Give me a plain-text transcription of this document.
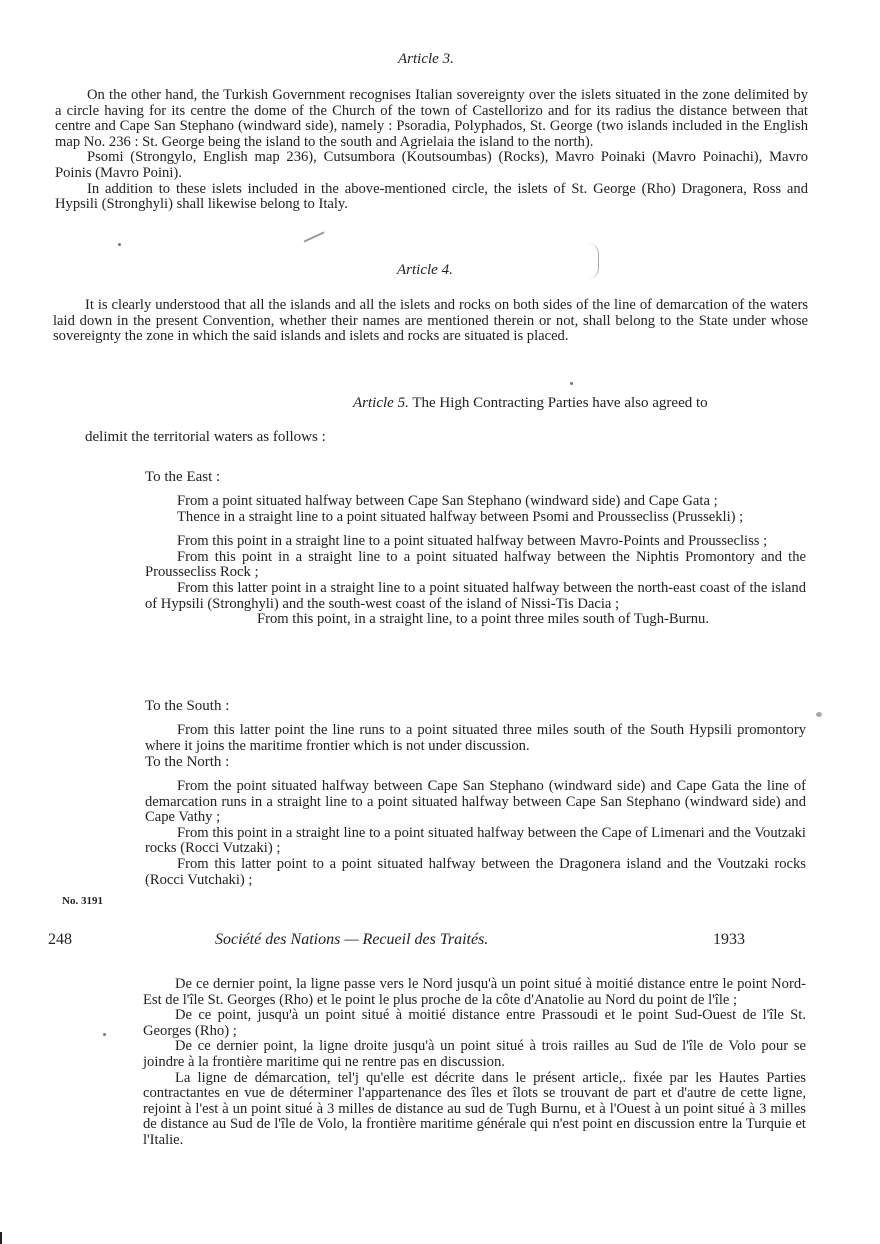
Article 3.

On the other hand, the Turkish Government recognises Italian sovereignty over the islets situated in the zone delimited by a circle having for its centre the dome of the Church of the town of Castellorizo and for its radius the distance between that centre and Cape San Stephano (windward side), namely : Psoradia, Polyphados, St. George (two islands included in the English map No. 236 : St. George being the island to the south and Agrielaia the island to the north).

Psomi (Strongylo, English map 236), Cutsumbora (Koutsoumbas) (Rocks), Mavro Poinaki (Mavro Poinachi), Mavro Poinis (Mavro Poini).

In addition to these islets included in the above-mentioned circle, the islets of St. George (Rho) Dragonera, Ross and Hypsili (Stronghyli) shall likewise belong to Italy.

Article 4.

It is clearly understood that all the islands and all the islets and rocks on both sides of the line of demarcation of the waters laid down in the present Convention, whether their names are mentioned therein or not, shall belong to the State under whose sovereignty the zone in which the said islands and islets and rocks are situated is placed.

Article 5. The High Contracting Parties have also agreed to
delimit the territorial waters as follows :
To the East :

From a point situated halfway between Cape San Stephano (windward side) and Cape Gata ;

Thence in a straight line to a point situated halfway between Psomi and Proussecliss (Prussekli) ;

From this point in a straight line to a point situated halfway between Mavro-Points and Proussecliss ;

From this point in a straight line to a point situated halfway between the Niphtis Promontory and the Proussecliss Rock ;

From this latter point in a straight line to a point situated halfway between the north-east coast of the island of Hypsili (Stronghyli) and the south-west coast of the island of Nissi-Tis Dacia ;

From this point, in a straight line, to a point three miles south of Tugh-Burnu.

To the South :

From this latter point the line runs to a point situated three miles south of the South Hypsili promontory where it joins the maritime frontier which is not under discussion.

To the North :

From the point situated halfway between Cape San Stephano (windward side) and Cape Gata the line of demarcation runs in a straight line to a point situated halfway between Cape San Stephano (windward side) and Cape Vathy ;

From this point in a straight line to a point situated halfway between the Cape of Limenari and the Voutzaki rocks (Rocci Vutzaki) ;

From this latter point to a point situated halfway between the Dragonera island and the Voutzaki rocks (Rocci Vutchaki) ;

No. 3191
248	Société des Nations — Recueil des Traités.	1933

De ce dernier point, la ligne passe vers le Nord jusqu'à un point situé à moitié distance entre le point Nord-Est de l'île St. Georges (Rho) et le point le plus proche de la côte d'Anatolie au Nord du point de l'île ;

De ce point, jusqu'à un point situé à moitié distance entre Prassoudi et le point Sud-Ouest de l'île St. Georges (Rho) ;

De ce dernier point, la ligne droite jusqu'à un point situé à trois railles au Sud de l'île de Volo pour se joindre à la frontière maritime qui ne rentre pas en discussion.

La ligne de démarcation, tel'j qu'elle est décrite dans le présent article,. fixée par les Hautes Parties contractantes en vue de déterminer l'appartenance des îles et îlots se trouvant de part et d'autre de cette ligne, rejoint à l'est à un point situé à 3 milles de distance au sud de Tugh Burnu, et à l'Ouest à un point situé à 3 milles de distance au Sud de l'île de Volo, la frontière maritime générale qui n'est point en discussion entre la Turquie et l'Italie.
